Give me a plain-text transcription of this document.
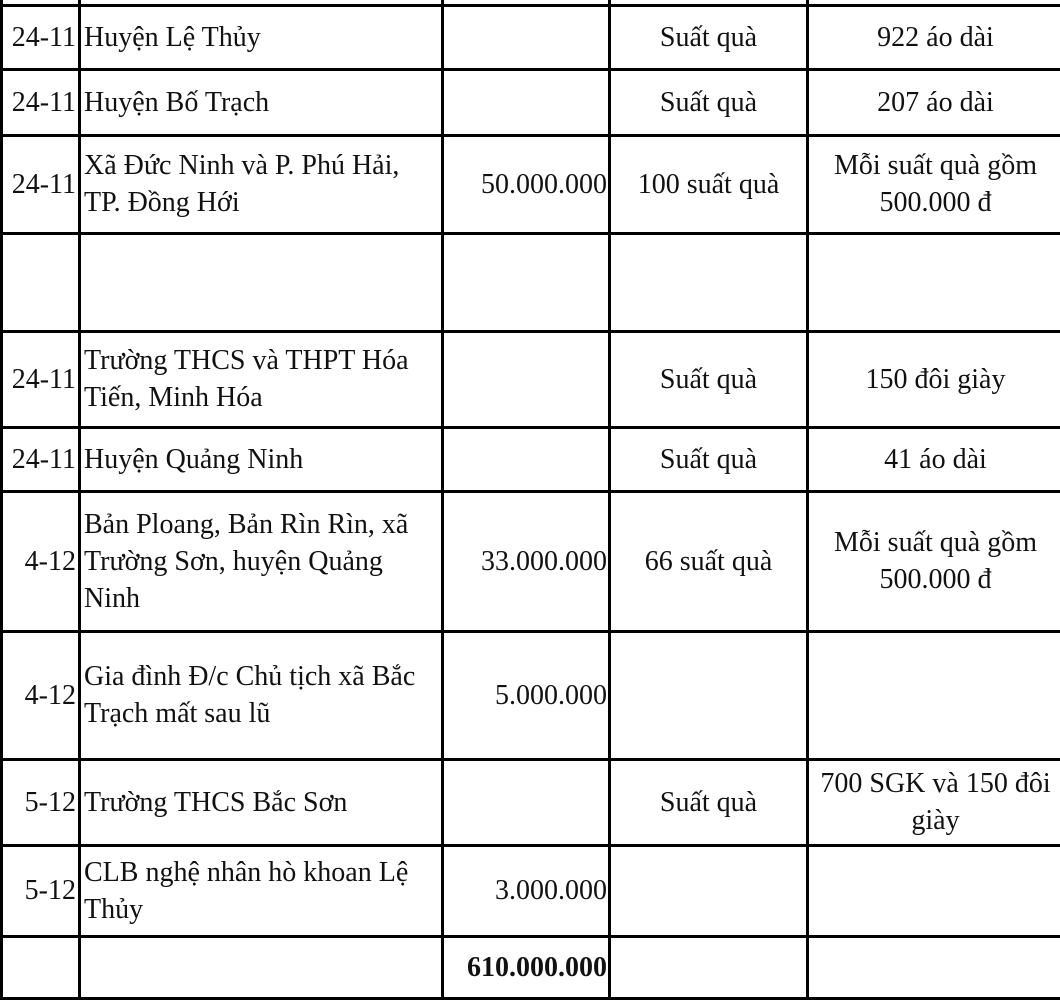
24-11	Huyện Lệ Thủy		Suất quà	922 áo dài
24-11	Huyện Bố Trạch		Suất quà	207 áo dài
24-11	Xã Đức Ninh và P. Phú Hải, TP. Đồng Hới	50.000.000	100 suất quà	Mỗi suất quà gồm 500.000 đ

24-11	Trường THCS và THPT Hóa Tiến, Minh Hóa		Suất quà	150 đôi giày
24-11	Huyện Quảng Ninh		Suất quà	41 áo dài
4-12	Bản Ploang, Bản Rìn Rìn, xã Trường Sơn, huyện Quảng Ninh	33.000.000	66 suất quà	Mỗi suất quà gồm 500.000 đ
4-12	Gia đình Đ/c Chủ tịch xã Bắc Trạch mất sau lũ	5.000.000		
5-12	Trường THCS Bắc Sơn		Suất quà	700 SGK và 150 đôi giày
5-12	CLB nghệ nhân hò khoan Lệ Thủy	3.000.000		
		610.000.000		
